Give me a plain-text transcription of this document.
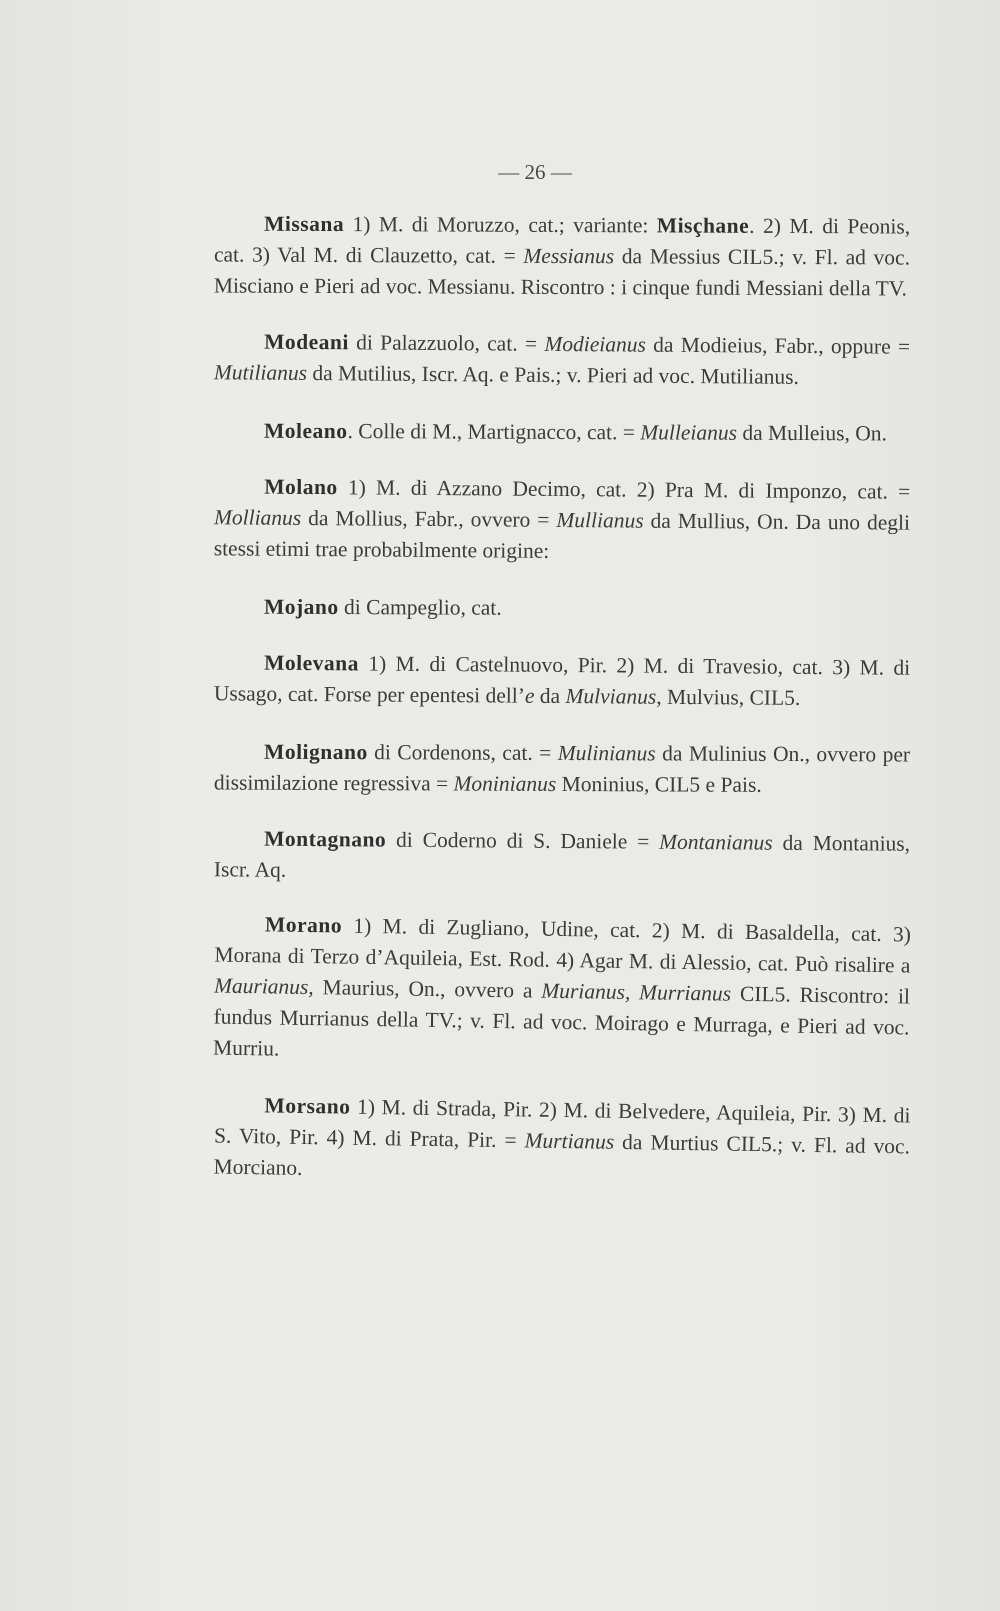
— 26 —

Missana 1) M. di Moruzzo, cat.; variante: Misçhane. 2) M. di Peonis, cat. 3) Val M. di Clauzetto, cat. = Messianus da Messius CIL5.; v. Fl. ad voc. Misciano e Pieri ad voc. Messianu. Riscontro : i cinque fundi Messiani della TV.

Modeani di Palazzuolo, cat. = Modieianus da Modieius, Fabr., oppure = Mutilianus da Mutilius, Iscr. Aq. e Pais.; v. Pieri ad voc. Mutilianus.

Moleano. Colle di M., Martignacco, cat. = Mulleianus da Mulleius, On.

Molano 1) M. di Azzano Decimo, cat. 2) Pra M. di Imponzo, cat. = Mollianus da Mollius, Fabr., ovvero = Mullianus da Mullius, On. Da uno degli stessi etimi trae probabilmente origine:

Mojano di Campeglio, cat.

Molevana 1) M. di Castelnuovo, Pir. 2) M. di Travesio, cat. 3) M. di Ussago, cat. Forse per epentesi dell’e da Mulvianus, Mulvius, CIL5.

Molignano di Cordenons, cat. = Mulinianus da Mulinius On., ovvero per dissimilazione regressiva = Moninianus Moninius, CIL5 e Pais.

Montagnano di Coderno di S. Daniele = Montanianus da Montanius, Iscr. Aq.

Morano 1) M. di Zugliano, Udine, cat. 2) M. di Basaldella, cat. 3) Morana di Terzo d’Aquileia, Est. Rod. 4) Agar M. di Alessio, cat. Può risalire a Maurianus, Maurius, On., ovvero a Murianus, Murrianus CIL5. Riscontro: il fundus Murrianus della TV.; v. Fl. ad voc. Moirago e Murraga, e Pieri ad voc. Murriu.

Morsano 1) M. di Strada, Pir. 2) M. di Belvedere, Aquileia, Pir. 3) M. di S. Vito, Pir. 4) M. di Prata, Pir. = Murtianus da Murtius CIL5.; v. Fl. ad voc. Morciano.
